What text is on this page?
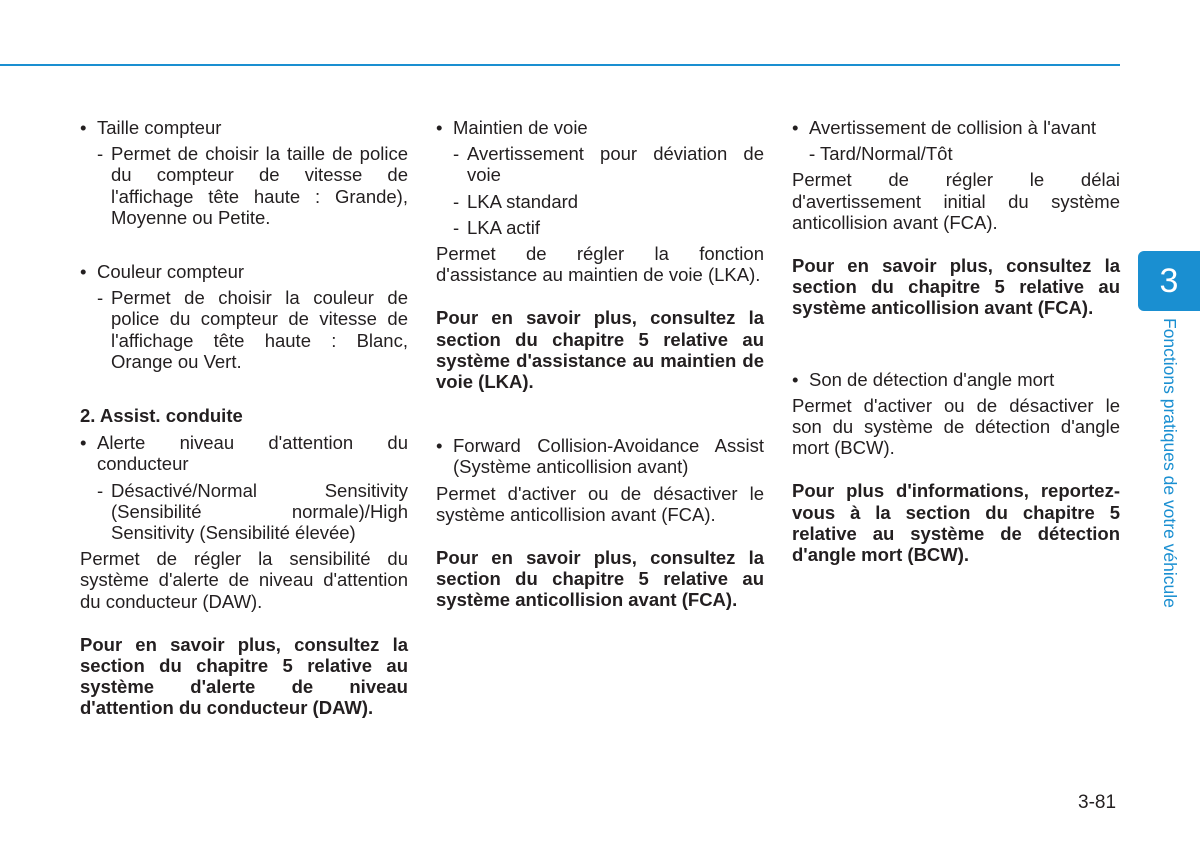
• Taille compteur
- Permet de choisir la taille de police du compteur de vitesse de l'affichage tête haute : Grande), Moyenne ou Petite.
• Couleur compteur
- Permet de choisir la couleur de police du compteur de vitesse de l'affichage tête haute : Blanc, Orange ou Vert.
2. Assist. conduite
• Alerte niveau d'attention du conducteur
- Désactivé/Normal Sensitivity (Sensibilité normale)/High Sensitivity (Sensibilité élevée)
Permet de régler la sensibilité du système d'alerte de niveau d'attention du conducteur (DAW).
Pour en savoir plus, consultez la section du chapitre 5 relative au système d'alerte de niveau d'attention du conducteur (DAW).
• Maintien de voie
- Avertissement pour déviation de voie
- LKA standard
- LKA actif
Permet de régler la fonction d'assistance au maintien de voie (LKA).
Pour en savoir plus, consultez la section du chapitre 5 relative au système d'assistance au maintien de voie (LKA).
• Forward Collision-Avoidance Assist (Système anticollision avant)
Permet d'activer ou de désactiver le système anticollision avant (FCA).
Pour en savoir plus, consultez la section du chapitre 5 relative au système anticollision avant (FCA).
• Avertissement de collision à l'avant
- - Tard/Normal/Tôt
Permet de régler le délai d'avertissement initial du système anticollision avant (FCA).
Pour en savoir plus, consultez la section du chapitre 5 relative au système anticollision avant (FCA).
• Son de détection d'angle mort
Permet d'activer ou de désactiver le son du système de détection d'angle mort (BCW).
Pour plus d'informations, reportez-vous à la section du chapitre 5 relative au système de détection d'angle mort (BCW).
3
Fonctions pratiques de votre véhicule
3-81
